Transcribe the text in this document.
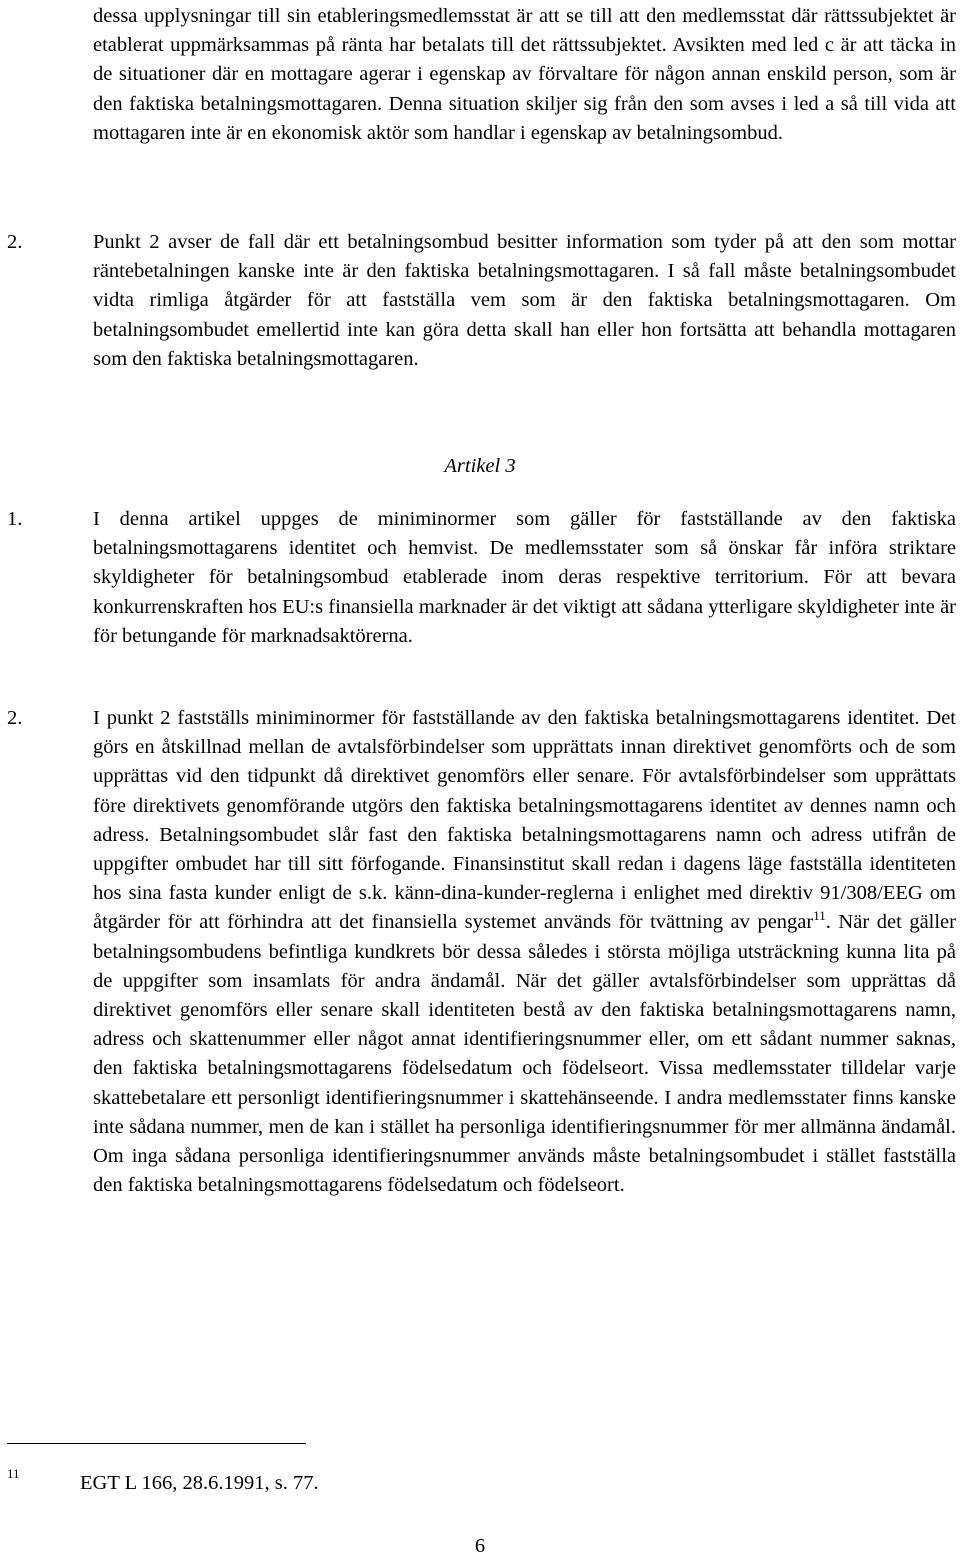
dessa upplysningar till sin etableringsmedlemsstat är att se till att den medlemsstat där rättssubjektet är etablerat uppmärksammas på ränta har betalats till det rättssubjektet. Avsikten med led c är att täcka in de situationer där en mottagare agerar i egenskap av förvaltare för någon annan enskild person, som är den faktiska betalningsmottagaren. Denna situation skiljer sig från den som avses i led a så till vida att mottagaren inte är en ekonomisk aktör som handlar i egenskap av betalningsombud.

2.	Punkt 2 avser de fall där ett betalningsombud besitter information som tyder på att den som mottar räntebetalningen kanske inte är den faktiska betalningsmottagaren. I så fall måste betalningsombudet vidta rimliga åtgärder för att fastställa vem som är den faktiska betalningsmottagaren. Om betalningsombudet emellertid inte kan göra detta skall han eller hon fortsätta att behandla mottagaren som den faktiska betalningsmottagaren.

Artikel 3

1.	I denna artikel uppges de miniminormer som gäller för fastställande av den faktiska betalningsmottagarens identitet och hemvist. De medlemsstater som så önskar får införa striktare skyldigheter för betalningsombud etablerade inom deras respektive territorium. För att bevara konkurrenskraften hos EU:s finansiella marknader är det viktigt att sådana ytterligare skyldigheter inte är för betungande för marknadsaktörerna.

2.	I punkt 2 fastställs miniminormer för fastställande av den faktiska betalningsmottagarens identitet. Det görs en åtskillnad mellan de avtalsförbindelser som upprättats innan direktivet genomförts och de som upprättas vid den tidpunkt då direktivet genomförs eller senare. För avtalsförbindelser som upprättats före direktivets genomförande utgörs den faktiska betalningsmottagarens identitet av dennes namn och adress. Betalningsombudet slår fast den faktiska betalningsmottagarens namn och adress utifrån de uppgifter ombudet har till sitt förfogande. Finansinstitut skall redan i dagens läge fastställa identiteten hos sina fasta kunder enligt de s.k. känn-dina-kunder-reglerna i enlighet med direktiv 91/308/EEG om åtgärder för att förhindra att det finansiella systemet används för tvättning av pengar$^{11}$. När det gäller betalningsombudens befintliga kundkrets bör dessa således i största möjliga utsträckning kunna lita på de uppgifter som insamlats för andra ändamål. När det gäller avtalsförbindelser som upprättas då direktivet genomförs eller senare skall identiteten bestå av den faktiska betalningsmottagarens namn, adress och skattenummer eller något annat identifieringsnummer eller, om ett sådant nummer saknas, den faktiska betalningsmottagarens födelsedatum och födelseort. Vissa medlemsstater tilldelar varje skattebetalare ett personligt identifieringsnummer i skattehänseende. I andra medlemsstater finns kanske inte sådana nummer, men de kan i stället ha personliga identifieringsnummer för mer allmänna ändamål. Om inga sådana personliga identifieringsnummer används måste betalningsombudet i stället fastställa den faktiska betalningsmottagarens födelsedatum och födelseort.

11	EGT L 166, 28.6.1991, s. 77.
6
